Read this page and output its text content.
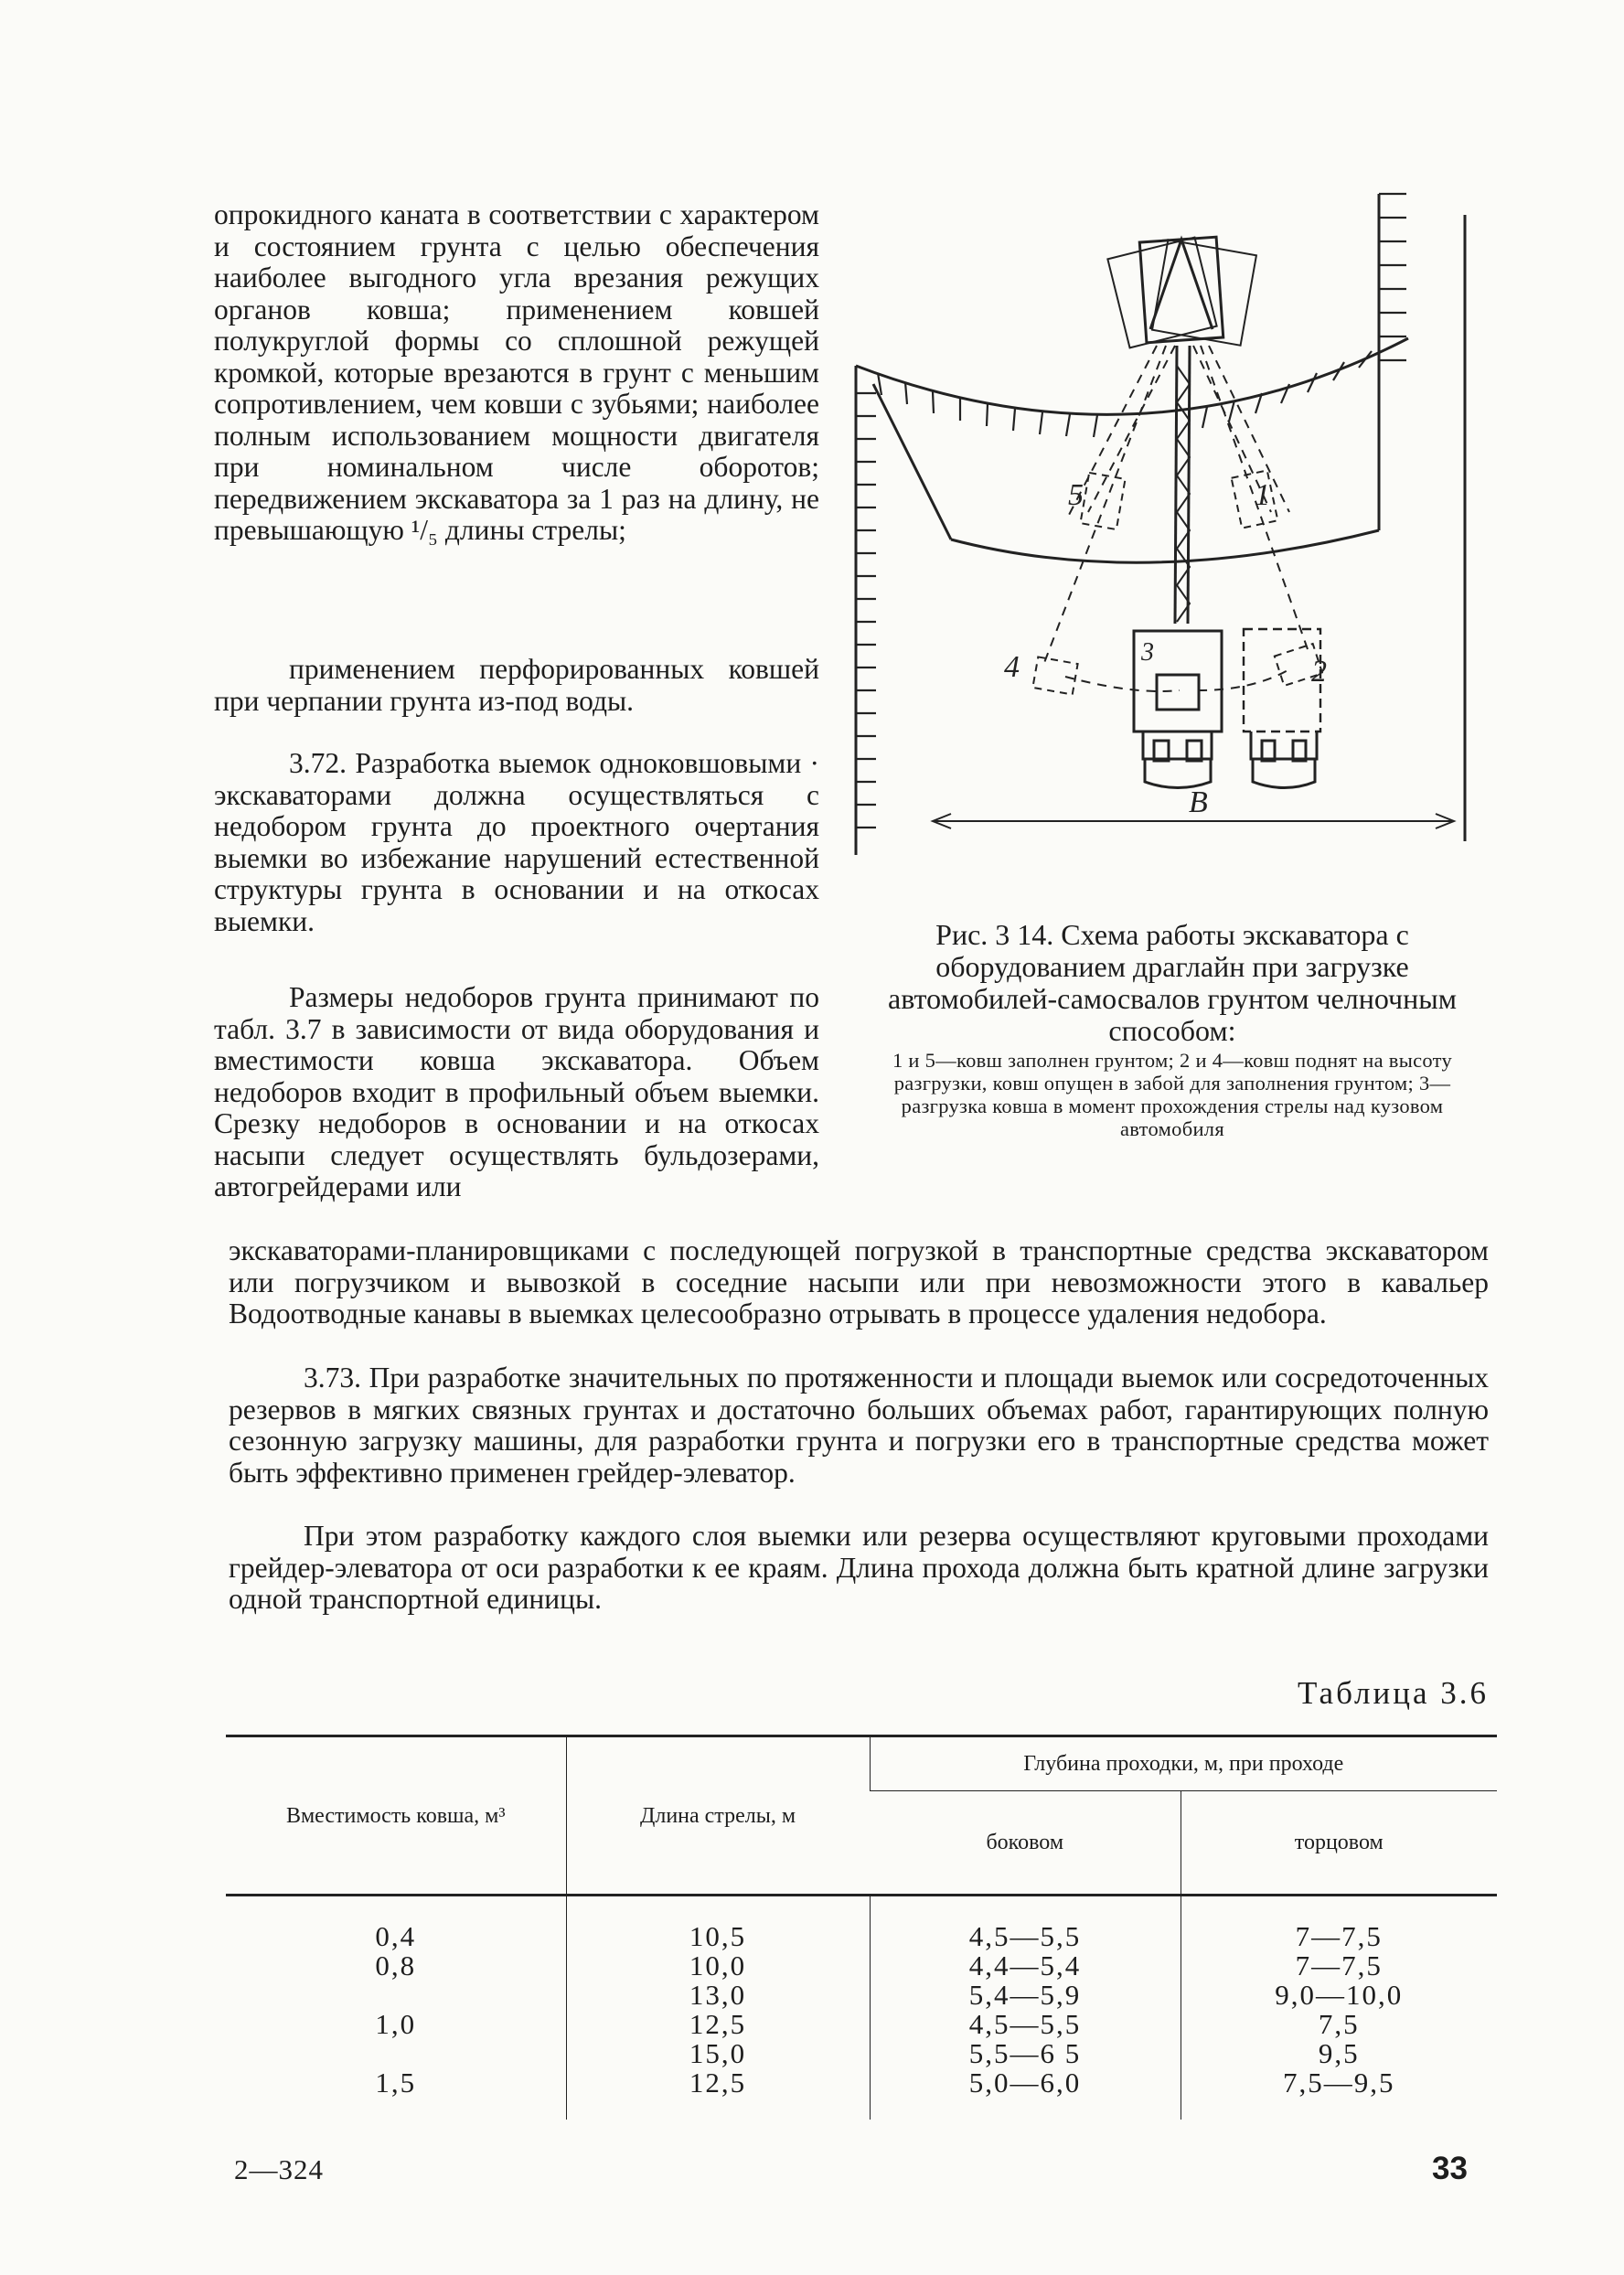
опрокидного каната в соответствии с характером и состоянием грунта с целью обеспечения наиболее выгодного угла врезания режущих органов ковша; применением ковшей полукруглой формы со сплошной режущей кромкой, которые врезаются в грунт с меньшим сопротивлением, чем ковши с зубьями; наиболее полным использованием мощности двигателя при номинальном числе оборотов; передвижением экскаватора за 1 раз на длину, не превышающую ¹/₅ длины стрелы;

применением перфорированных ковшей при черпании грунта из-под воды.

3.72. Разработка выемок одноковшовыми · экскаваторами должна осуществляться с недобором грунта до проектного очертания выемки во избежание нарушений естественной структуры грунта в основании и на откосах выемки.

Размеры недоборов грунта принимают по табл. 3.7 в зависимости от вида оборудования и вместимости ковша экскаватора. Объем недоборов входит в профильный объем выемки. Срезку недоборов в основании и на откосах насыпи следует осуществлять бульдозерами, автогрейдерами или

экскаваторами-планировщиками с последующей погрузкой в транспортные средства экскаватором или погрузчиком и вывозкой в соседние насыпи или при невозможности этого в кавальер Водоотводные канавы в выемках целесообразно отрывать в процессе удаления недобора.

3.73. При разработке значительных по протяженности и площади выемок или сосредоточенных резервов в мягких связных грунтах и достаточно больших объемах работ, гарантирующих полную сезонную загрузку машины, для разработки грунта и погрузки его в транспортные средства может быть эффективно применен грейдер-элеватор.

При этом разработку каждого слоя выемки или резерва осуществляют круговыми проходами грейдер-элеватора от оси разработки к ее краям. Длина прохода должна быть кратной длине загрузки одной транспортной единицы.

1
2
3
4
5
В

Рис. 3 14. Схема работы экскаватора с оборудованием драглайн при загрузке автомобилей-самосвалов грунтом челночным способом:

1 и 5—ковш заполнен грунтом; 2 и 4—ковш поднят на высоту разгрузки, ковш опущен в забой для заполнения грунтом; 3—разгрузка ковша в момент прохождения стрелы над кузовом автомобиля

Таблица 3.6

Вместимость ковша, м³	Длина стрелы, м	Глубина проходки, м, при проходе	
		боковом	торцовом
0,4	10,5	4,5—5,5	7—7,5
0,8	10,0	4,4—5,4	7—7,5
	13,0	5,4—5,9	9,0—10,0
1,0	12,5	4,5—5,5	7,5
	15,0	5,5—6 5	9,5
1,5	12,5	5,0—6,0	7,5—9,5
2—324	33
